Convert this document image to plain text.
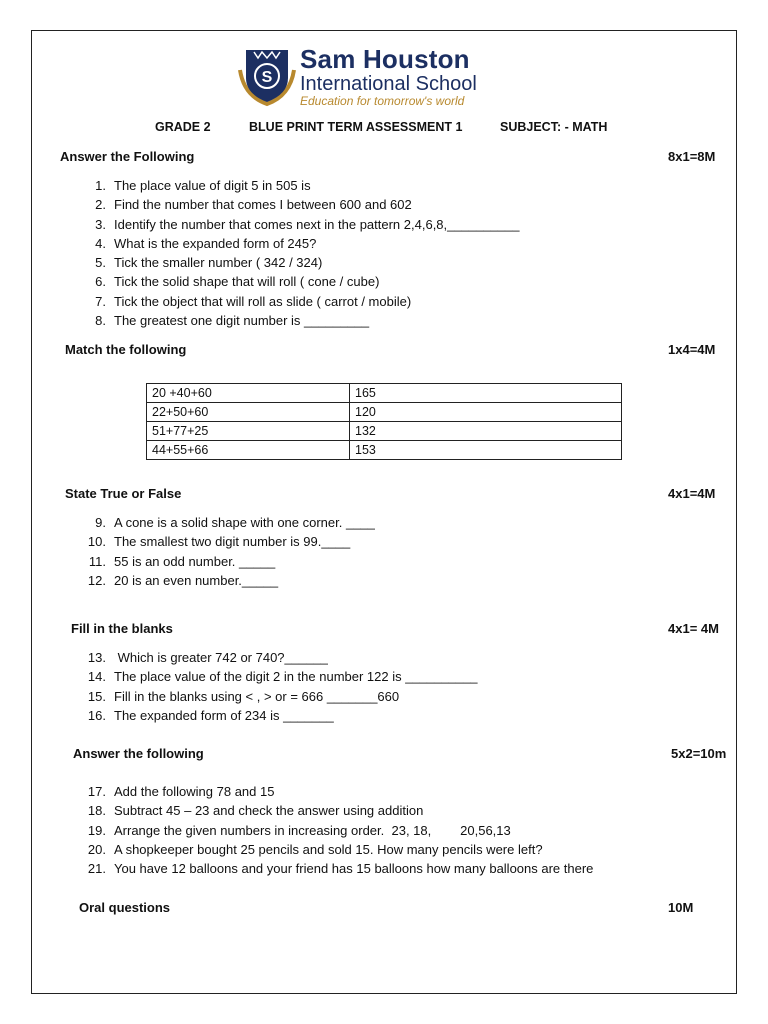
S
Sam Houston
International School
Education for tomorrow's world
GRADE 2	BLUE PRINT TERM ASSESSMENT 1	SUBJECT: - MATH
Answer the Following	8x1=8M
1. The place value of digit 5 in 505 is
2. Find the number that comes I between 600 and 602
3. Identify the number that comes next in the pattern 2,4,6,8,__________
4. What is the expanded form of 245?
5. Tick the smaller number ( 342 / 324)
6. Tick the solid shape that will roll ( cone / cube)
7. Tick the object that will roll as slide ( carrot / mobile)
8. The greatest one digit number is _________
Match the following	1x4=4M
20 +40+60	165
22+50+60	120
51+77+25	132
44+55+66	153
State True or False	4x1=4M
9. A cone is a solid shape with one corner. ____
10. The smallest two digit number is 99.____
11. 55 is an odd number. _____
12. 20 is an even number._____
Fill in the blanks	4x1= 4M
13. Which is greater 742 or 740?______
14. The place value of the digit 2 in the number 122 is __________
15. Fill in the blanks using < , > or = 666 _______660
16. The expanded form of 234 is _______
Answer the following	5x2=10m
17. Add the following 78 and 15
18. Subtract 45 – 23 and check the answer using addition
19. Arrange the given numbers in increasing order.  23, 18,        20,56,13
20. A shopkeeper bought 25 pencils and sold 15. How many pencils were left?
21. You have 12 balloons and your friend has 15 balloons how many balloons are there
Oral questions	10M
